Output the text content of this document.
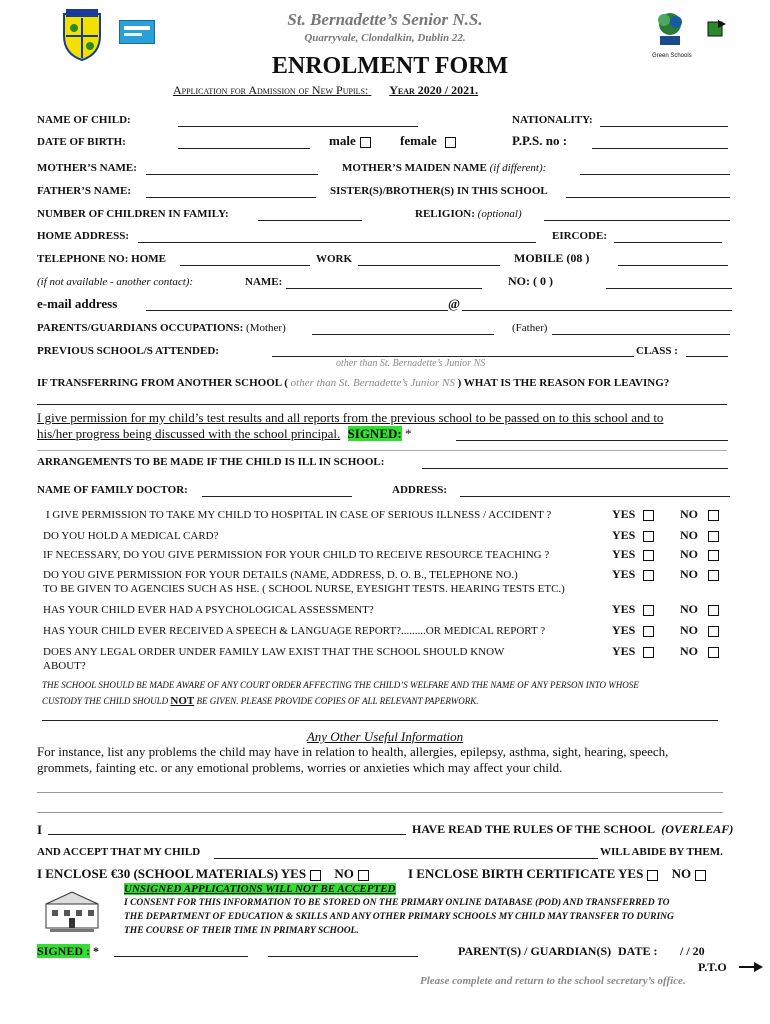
Green Schools
St. Bernadette’s Senior N.S.
Quarryvale, Clondalkin, Dublin 22.
ENROLMENT FORM
Application for Admission of New Pupils: Year 2020 / 2021.
NAME OF CHILD:	NATIONALITY:
DATE OF BIRTH:	male	female	P.P.S. no :
MOTHER’S NAME:	MOTHER’S MAIDEN NAME (if different):
FATHER’S NAME:	SISTER(S)/BROTHER(S) IN THIS SCHOOL
NUMBER OF CHILDREN IN FAMILY:	RELIGION: (optional)
HOME ADDRESS:	EIRCODE:
TELEPHONE NO: HOME	WORK	MOBILE (08 )
(if not available - another contact):	NAME:	NO: ( 0 )
e-mail address	@
PARENTS/GUARDIANS OCCUPATIONS: (Mother)	(Father)
PREVIOUS SCHOOL/S ATTENDED:	CLASS :
other than St. Bernadette’s Junior NS
IF TRANSFERRING FROM ANOTHER SCHOOL ( other than St. Bernadette’s Junior NS ) WHAT IS THE REASON FOR LEAVING?
I give permission for my child’s test results and all reports from the previous school to be passed on to this school and to
his/her progress being discussed with the school principal. SIGNED: *
ARRANGEMENTS TO BE MADE IF THE CHILD IS ILL IN SCHOOL:
NAME OF FAMILY DOCTOR:	ADDRESS:
I GIVE PERMISSION TO TAKE MY CHILD TO HOSPITAL IN CASE OF SERIOUS ILLNESS / ACCIDENT ?	YES	NO
DO YOU HOLD A MEDICAL CARD?	YES	NO
IF NECESSARY, DO YOU GIVE PERMISSION FOR YOUR CHILD TO RECEIVE RESOURCE TEACHING ?	YES	NO
DO YOU GIVE PERMISSION FOR YOUR DETAILS (NAME, ADDRESS, D. O. B., TELEPHONE NO.)
TO BE GIVEN TO AGENCIES SUCH AS HSE. ( SCHOOL NURSE, EYESIGHT TESTS. HEARING TESTS ETC.)
YES	NO
HAS YOUR CHILD EVER HAD A PSYCHOLOGICAL ASSESSMENT?	YES	NO
HAS YOUR CHILD EVER RECEIVED A SPEECH & LANGUAGE REPORT?.........OR MEDICAL REPORT ?	YES	NO
DOES ANY LEGAL ORDER UNDER FAMILY LAW EXIST THAT THE SCHOOL SHOULD KNOW
ABOUT?
YES	NO
THE SCHOOL SHOULD BE MADE AWARE OF ANY COURT ORDER AFFECTING THE CHILD’S WELFARE AND THE NAME OF ANY PERSON INTO WHOSE
CUSTODY THE CHILD SHOULD NOT BE GIVEN. PLEASE PROVIDE COPIES OF ALL RELEVANT PAPERWORK.
Any Other Useful Information
For instance, list any problems the child may have in relation to health, allergies, epilepsy, asthma, sight, hearing, speech,
grommets, fainting etc. or any emotional problems, worries or anxieties which may affect your child.
I	HAVE READ THE RULES OF THE SCHOOL (OVERLEAF)
AND ACCEPT THAT MY CHILD	WILL ABIDE BY THEM.
I ENCLOSE €30 (SCHOOL MATERIALS) YES NO	I ENCLOSE BIRTH CERTIFICATE YES NO
UNSIGNED APPLICATIONS WILL NOT BE ACCEPTED
I CONSENT FOR THIS INFORMATION TO BE STORED ON THE PRIMARY ONLINE DATABASE (POD) AND TRANSFERRED TO
THE DEPARTMENT OF EDUCATION & SKILLS AND ANY OTHER PRIMARY SCHOOLS MY CHILD MAY TRANSFER TO DURING
THE COURSE OF THEIR TIME IN PRIMARY SCHOOL.
SIGNED : *	PARENT(S) / GUARDIAN(S) DATE : / / 20
P.T.O
Please complete and return to the school secretary’s office.
